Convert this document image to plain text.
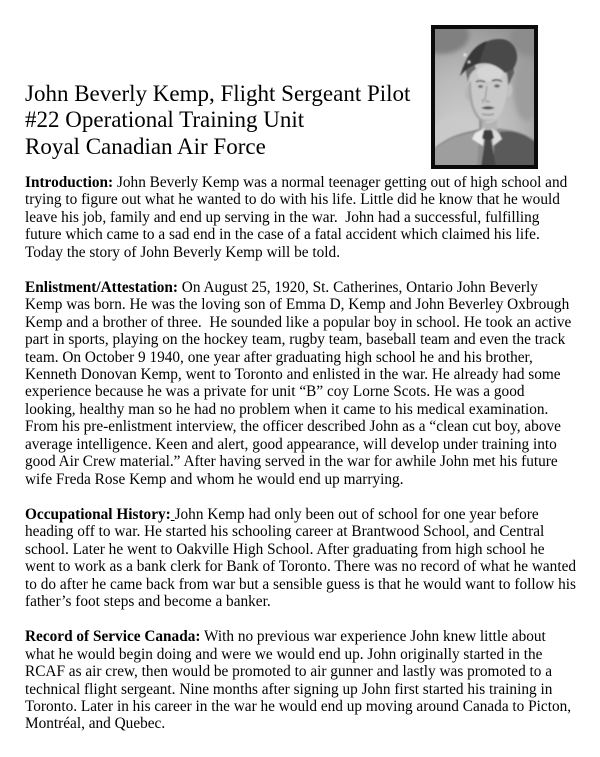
John Beverly Kemp, Flight Sergeant Pilot
#22 Operational Training Unit
Royal Canadian Air Force

Introduction: John Beverly Kemp was a normal teenager getting out of high school and trying to figure out what he wanted to do with his life. Little did he know that he would leave his job, family and end up serving in the war.  John had a successful, fulfilling future which came to a sad end in the case of a fatal accident which claimed his life. Today the story of John Beverly Kemp will be told.

Enlistment/Attestation: On August 25, 1920, St. Catherines, Ontario John Beverly Kemp was born. He was the loving son of Emma D, Kemp and John Beverley Oxbrough Kemp and a brother of three.  He sounded like a popular boy in school. He took an active part in sports, playing on the hockey team, rugby team, baseball team and even the track team. On October 9 1940, one year after graduating high school he and his brother, Kenneth Donovan Kemp, went to Toronto and enlisted in the war. He already had some experience because he was a private for unit “B” coy Lorne Scots. He was a good looking, healthy man so he had no problem when it came to his medical examination. From his pre-enlistment interview, the officer described John as a “clean cut boy, above average intelligence. Keen and alert, good appearance, will develop under training into good Air Crew material.” After having served in the war for awhile John met his future wife Freda Rose Kemp and whom he would end up marrying.

Occupational History: John Kemp had only been out of school for one year before heading off to war. He started his schooling career at Brantwood School, and Central school. Later he went to Oakville High School. After graduating from high school he went to work as a bank clerk for Bank of Toronto. There was no record of what he wanted to do after he came back from war but a sensible guess is that he would want to follow his father’s foot steps and become a banker.

Record of Service Canada: With no previous war experience John knew little about what he would begin doing and were we would end up. John originally started in the RCAF as air crew, then would be promoted to air gunner and lastly was promoted to a technical flight sergeant. Nine months after signing up John first started his training in Toronto. Later in his career in the war he would end up moving around Canada to Picton, Montréal, and Quebec.
